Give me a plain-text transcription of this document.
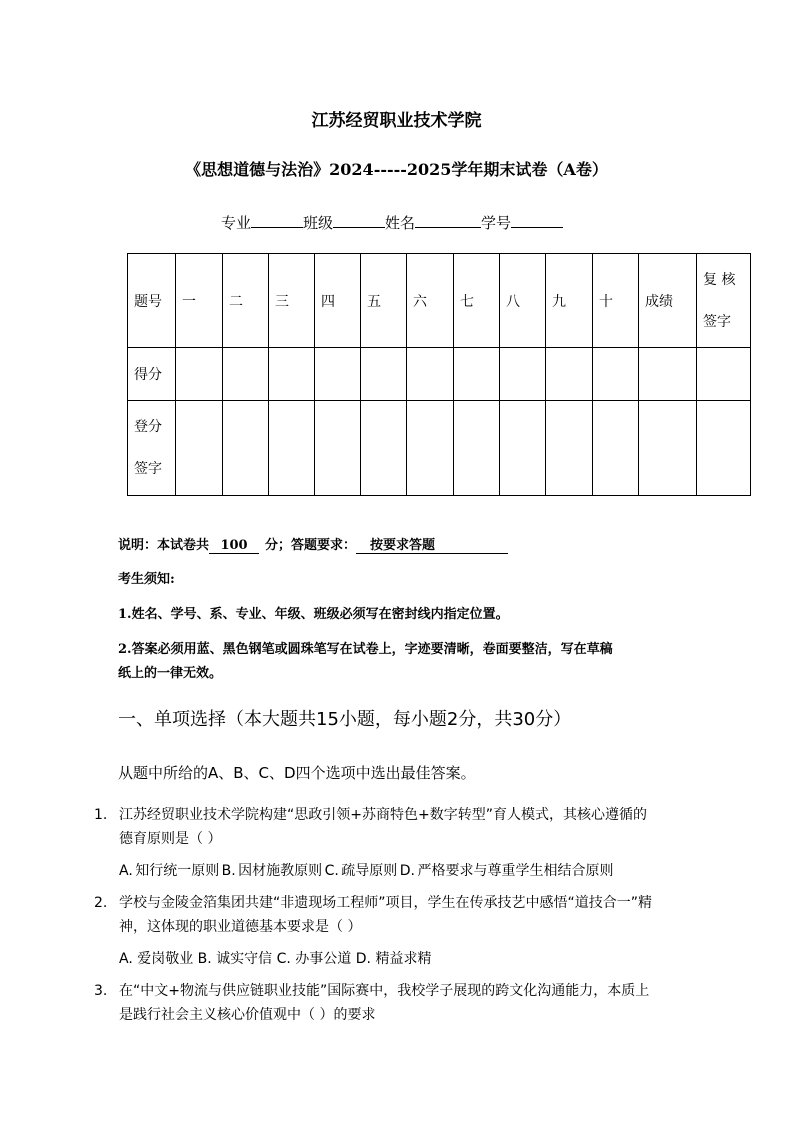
江苏经贸职业技术学院
《思想道德与法治》2024-----2025学年期末试卷（A卷）
专业	班级	姓名	学号
题号	一	二	三	四	五	六	七	八	九	十	成绩	复 核
签字

得分												

登分
签字												

说明：本试卷共 100 分；答题要求： 按要求答题
考生须知:
1.姓名、学号、系、专业、年级、班级必须写在密封线内指定位置。
2.答案必须用蓝、黑色钢笔或圆珠笔写在试卷上，字迹要清晰，卷面要整洁，写在草稿
纸上的一律无效。
一、单项选择（本大题共15小题，每小题2分，共30分）
从题中所给的A、B、C、D四个选项中选出最佳答案。
1. 江苏经贸职业技术学院构建“思政引领+苏商特色+数字转型”育人模式，其核心遵循的
德育原则是（ ）
A. 知行统一原则 B. 因材施教原则 C. 疏导原则 D. 严格要求与尊重学生相结合原则
2. 学校与金陵金箔集团共建“非遗现场工程师”项目，学生在传承技艺中感悟“道技合一”精
神，这体现的职业道德基本要求是（ ）
A. 爱岗敬业 B. 诚实守信 C. 办事公道 D. 精益求精
3. 在“中文+物流与供应链职业技能”国际赛中，我校学子展现的跨文化沟通能力，本质上
是践行社会主义核心价值观中（ ）的要求
